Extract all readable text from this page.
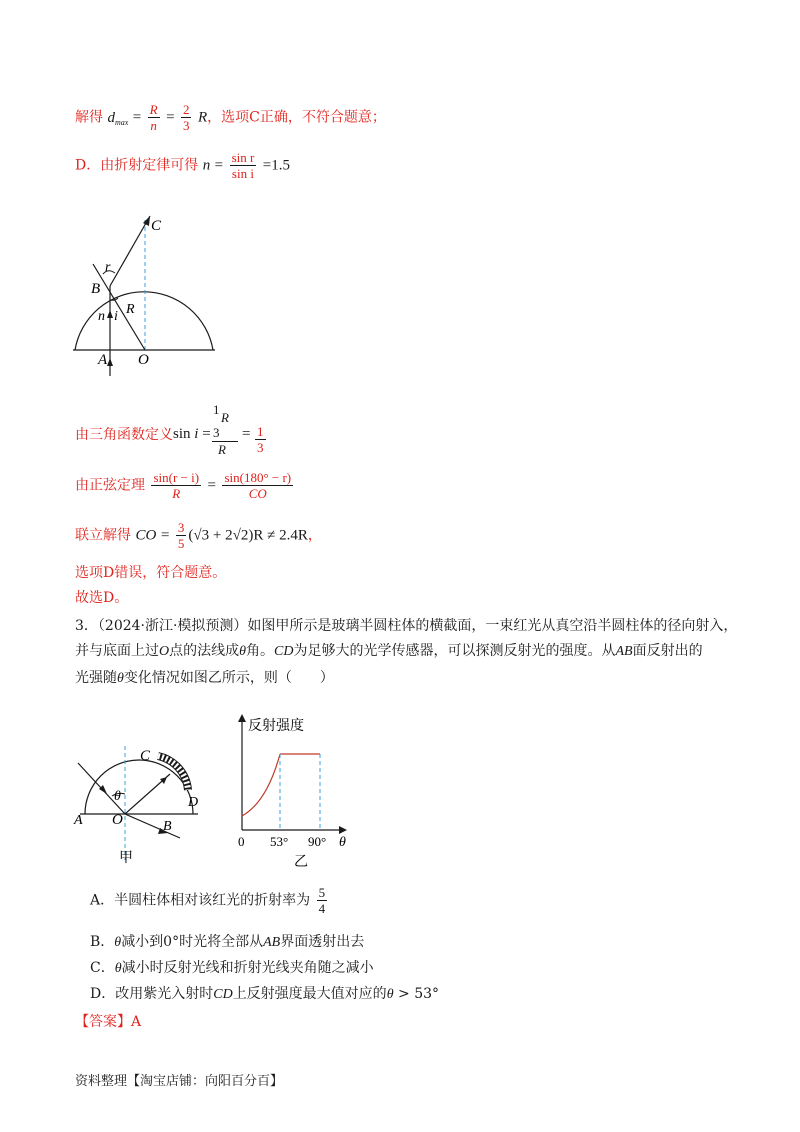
解得 $d_{max} = \frac{R}{n} = \frac{2}{3}$ R，选项C正确，不符合题意；
D．由折射定律可得 $n = \frac{\text{sin r}}{\text{sin i}} =1.5$
C
r
B
R
n i
A O
由三角函数定义 sin i =
1
R
3
R
= $\frac{1}{3}$
由正弦定理 $\frac{\sin(r - i)}{R} = \frac{\sin(180^\circ - r)}{CO}$
联立解得 CO = $\frac{3}{5} (√3 + 2√2)R \ne 2.4R$，
选项D错误，符合题意。
故选D。
3．（2024·浙江·模拟预测）如图甲所示是玻璃半圆柱体的横截面，一束红光从真空沿半圆柱体的径向射入，
并与底面上过O点的法线成θ角。CD为足够大的光学传感器，可以探测反射光的强度。从AB面反射出的
光强随θ变化情况如图乙所示，则（　　）
C
θ
A O	B
D
甲
反射强度
0 53° 90° θ
乙
A．半圆柱体相对该红光的折射率为 $\frac{5}{4}$
B．θ减小到0°时光将全部从AB界面透射出去
C．θ减小时反射光线和折射光线夹角随之减小
D．改用紫光入射时CD上反射强度最大值对应的θ > 53°
【答案】A
资料整理【淘宝店铺：向阳百分百】
